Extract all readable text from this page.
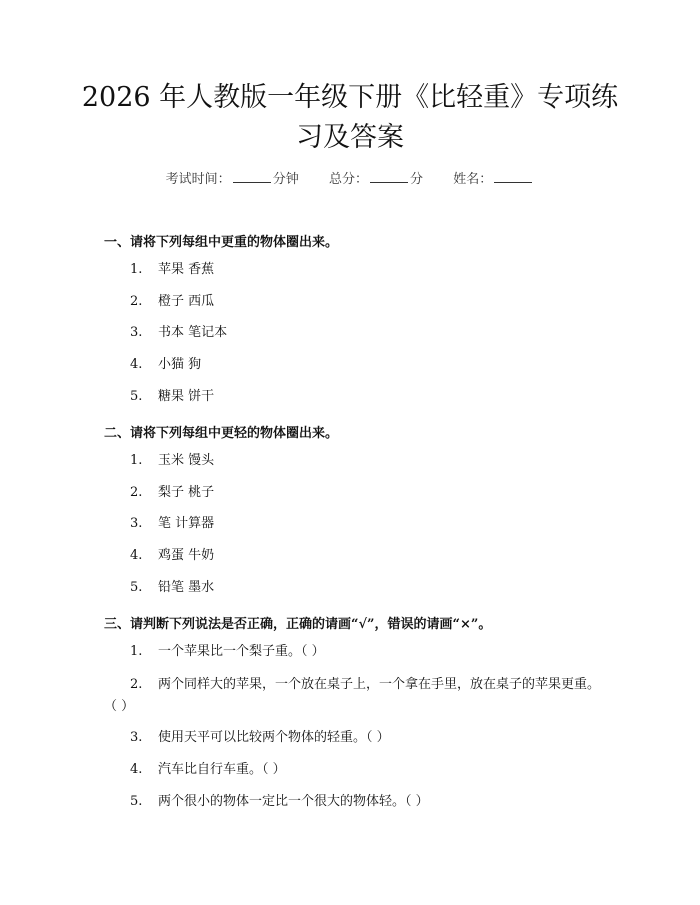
2026 年人教版一年级下册《比轻重》专项练
习及答案
考试时间：	分钟 总分：	分 姓名：
一、请将下列每组中更重的物体圈出来。
1. 苹果 香蕉
2. 橙子 西瓜
3. 书本 笔记本
4. 小猫 狗
5. 糖果 饼干
二、请将下列每组中更轻的物体圈出来。
1. 玉米 馒头
2. 梨子 桃子
3. 笔 计算器
4. 鸡蛋 牛奶
5. 铅笔 墨水
三、请判断下列说法是否正确，正确的请画“√”，错误的请画“×”。
1. 一个苹果比一个梨子重。（ ）
2. 两个同样大的苹果，一个放在桌子上，一个拿在手里，放在桌子的苹果更重。（ ）
3. 使用天平可以比较两个物体的轻重。（ ）
4. 汽车比自行车重。（ ）
5. 两个很小的物体一定比一个很大的物体轻。（ ）
